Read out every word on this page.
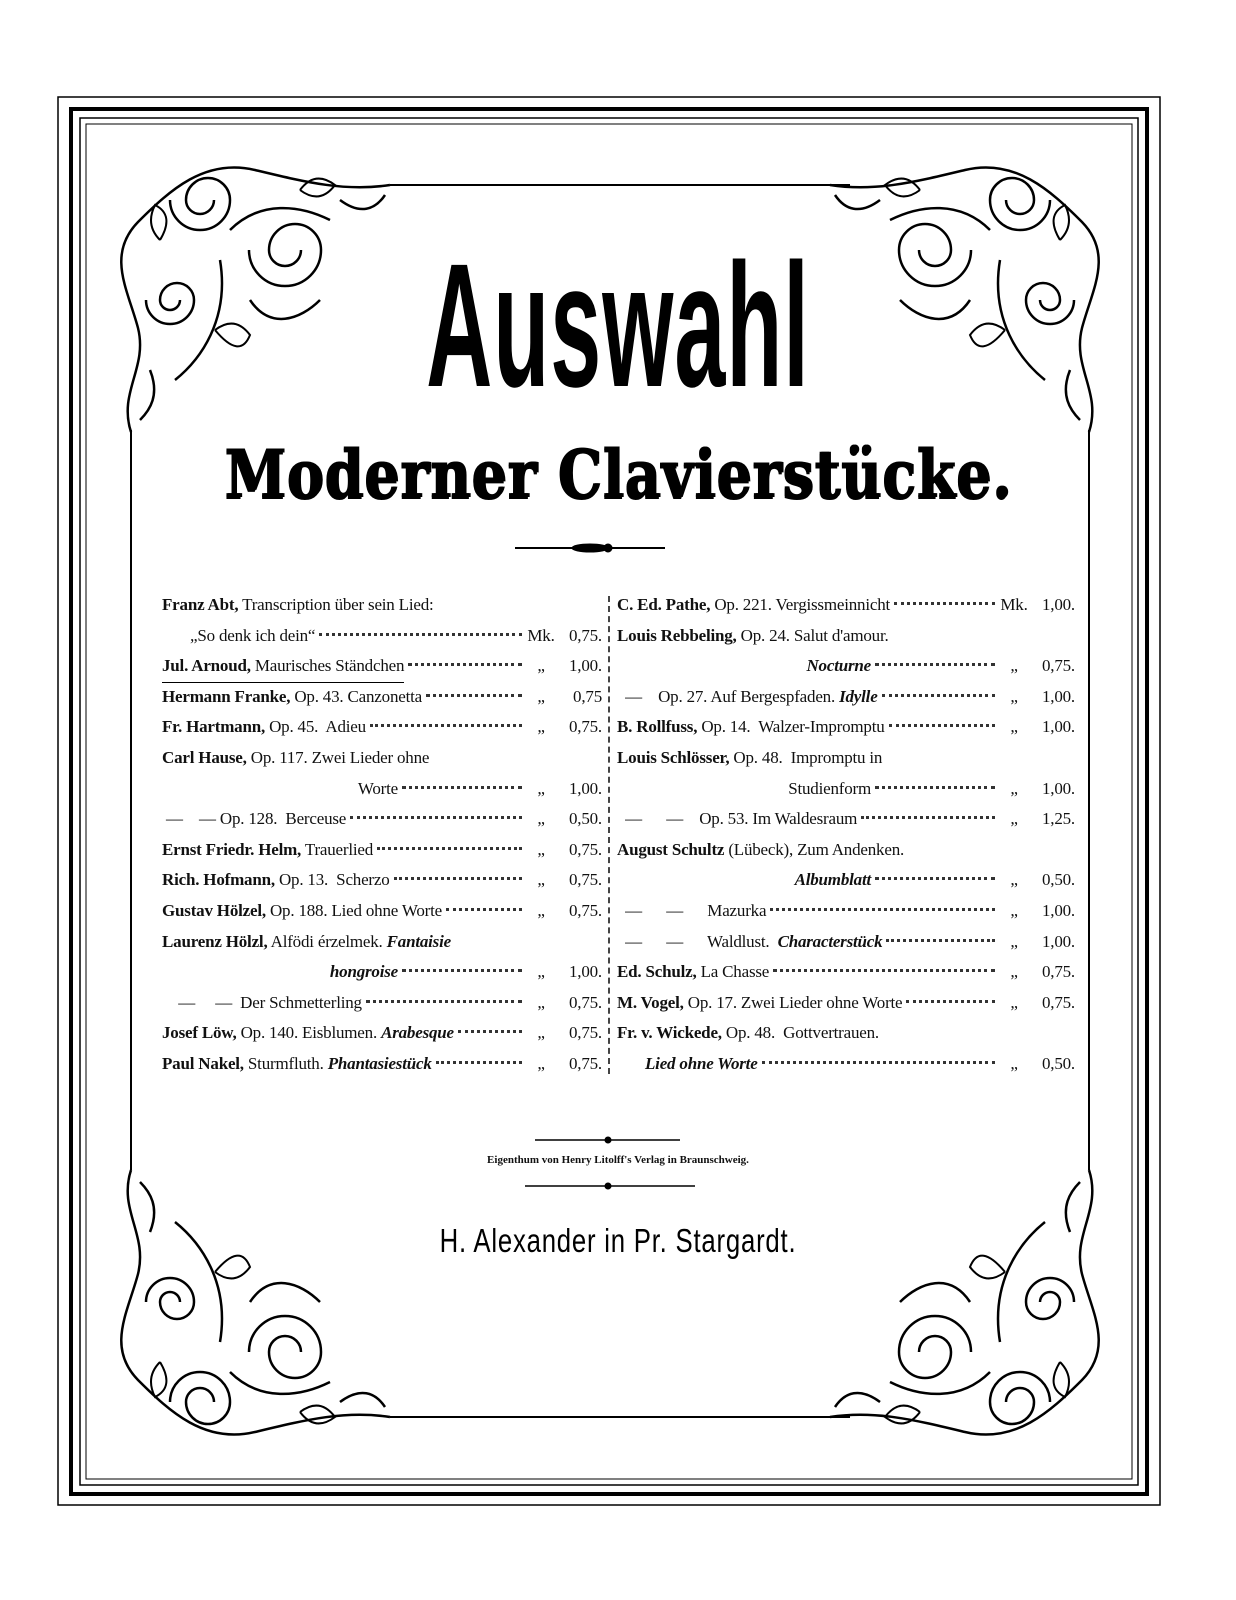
Auswahl
Moderner Clavierstücke.
Franz Abt, Transcription über sein Lied:
„So denk ich dein“	Mk. 0,75.
Jul. Arnoud, Maurisches Ständchen	„	1,00.
Hermann Franke, Op. 43. Canzonetta	„	0,75
Fr. Hartmann, Op. 45.  Adieu	„	0,75.
Carl Hause, Op. 117. Zwei Lieder ohne
Worte	„	1,00.
—    — Op. 128.  Berceuse	„	0,50.
Ernst Friedr. Helm, Trauerlied	„	0,75.
Rich. Hofmann, Op. 13.  Scherzo	„	0,75.
Gustav Hölzel, Op. 188. Lied ohne Worte	„	0,75.
Laurenz Hölzl, Alfödi érzelmek. Fantaisie
hongroise	„	1,00.
—     —  Der Schmetterling	„	0,75.
Josef Löw, Op. 140. Eisblumen. Arabesque	„	0,75.
Paul Nakel, Sturmfluth. Phantasiestück	„	0,75.
C. Ed. Pathe, Op. 221. Vergissmeinnicht	Mk. 1,00.
Louis Rebbeling, Op. 24. Salut d'amour.
Nocturne	„	0,75.
—    Op. 27. Auf Bergespfaden. Idylle	„	1,00.
B. Rollfuss, Op. 14.  Walzer-Impromptu	„	1,00.
Louis Schlösser, Op. 48.  Impromptu in
Studienform	„	1,00.
—      —    Op. 53. Im Waldesraum	„	1,25.
August Schultz (Lübeck), Zum Andenken.
Albumblatt	„	0,50.
—      —      Mazurka	„	1,00.
—      —      Waldlust.  Characterstück	„	1,00.
Ed. Schulz, La Chasse	„	0,75.
M. Vogel, Op. 17. Zwei Lieder ohne Worte	„	0,75.
Fr. v. Wickede, Op. 48.  Gottvertrauen.
Lied ohne Worte	„	0,50.
Eigenthum von Henry Litolff's Verlag in Braunschweig.
H. Alexander in Pr. Stargardt.
